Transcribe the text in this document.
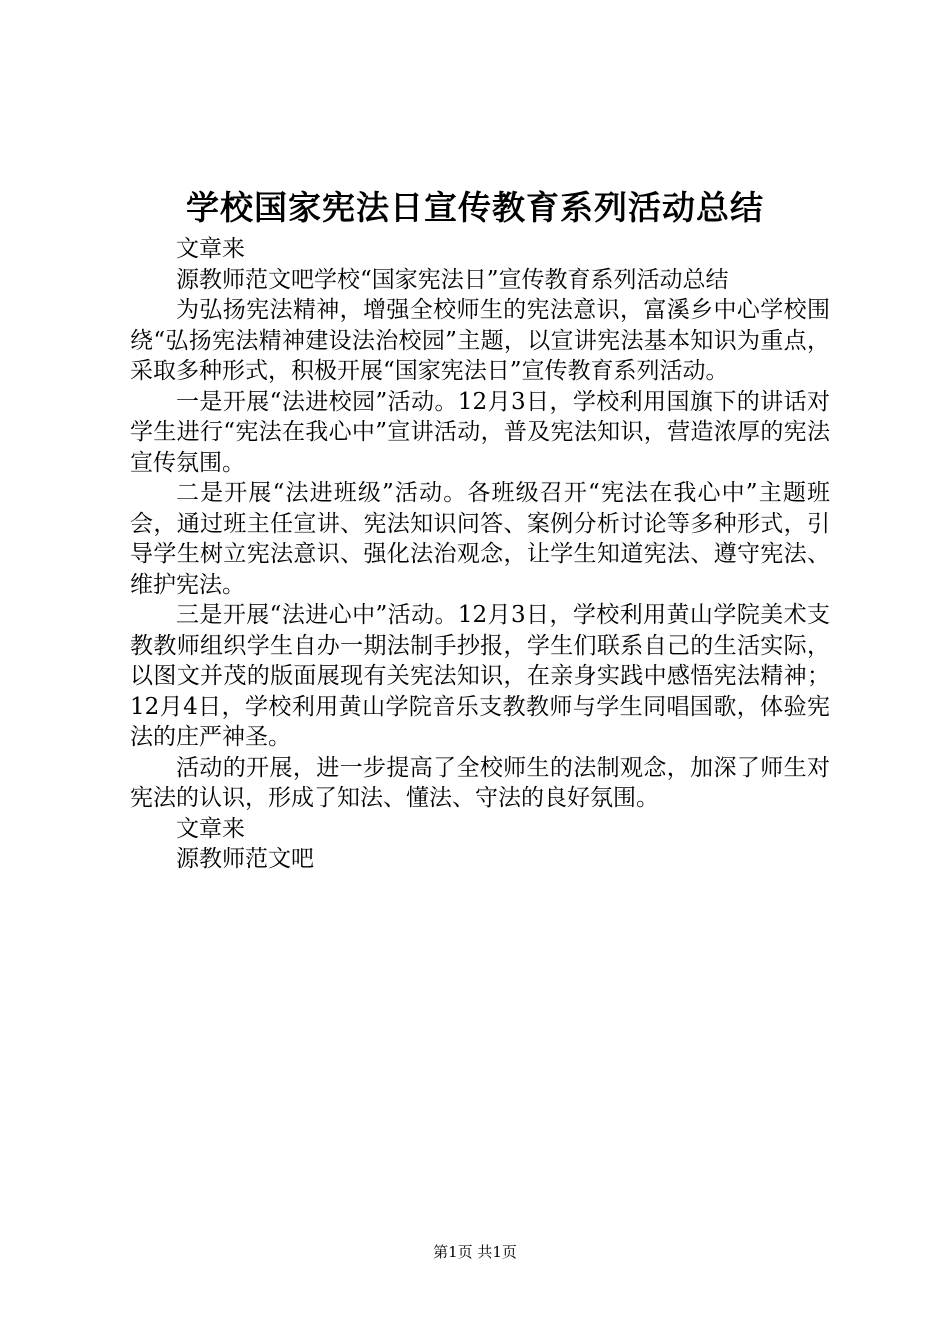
学校国家宪法日宣传教育系列活动总结

文章来

源教师范文吧学校“国家宪法日”宣传教育系列活动总结

为弘扬宪法精神，增强全校师生的宪法意识，富溪乡中心学校围绕“弘扬宪法精神建设法治校园”主题，以宣讲宪法基本知识为重点，采取多种形式，积极开展“国家宪法日”宣传教育系列活动。

一是开展“法进校园”活动。12月3日，学校利用国旗下的讲话对学生进行“宪法在我心中”宣讲活动，普及宪法知识，营造浓厚的宪法宣传氛围。

二是开展“法进班级”活动。各班级召开“宪法在我心中”主题班会，通过班主任宣讲、宪法知识问答、案例分析讨论等多种形式，引导学生树立宪法意识、强化法治观念，让学生知道宪法、遵守宪法、维护宪法。

三是开展“法进心中”活动。12月3日，学校利用黄山学院美术支教教师组织学生自办一期法制手抄报，学生们联系自己的生活实际，以图文并茂的版面展现有关宪法知识，在亲身实践中感悟宪法精神；12月4日，学校利用黄山学院音乐支教教师与学生同唱国歌，体验宪法的庄严神圣。

活动的开展，进一步提高了全校师生的法制观念，加深了师生对宪法的认识，形成了知法、懂法、守法的良好氛围。

文章来

源教师范文吧

第1页 共1页
